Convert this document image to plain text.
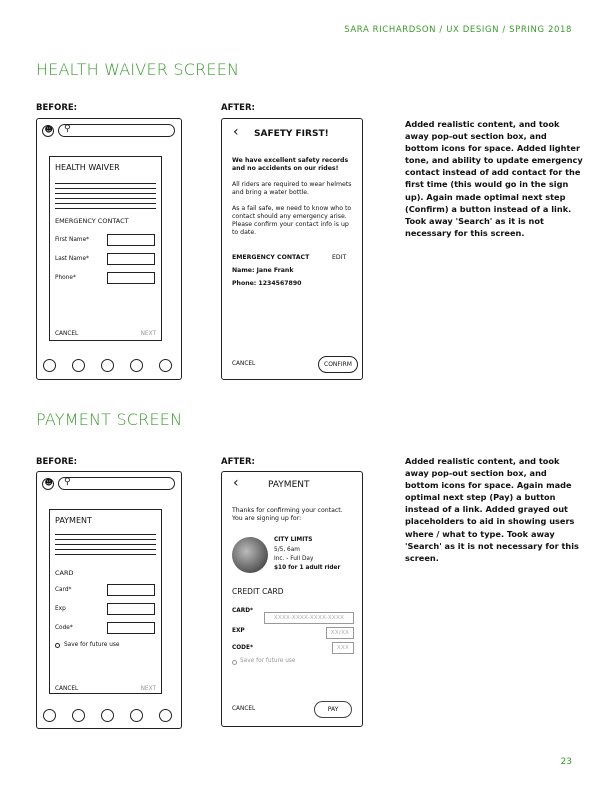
SARA RICHARDSON / UX DESIGN / SPRING 2018
HEALTH WAIVER SCREEN
BEFORE:	AFTER:
Added realistic content, and took away pop-out section box, and bottom icons for space. Added lighter tone, and ability to update emergency contact instead of add contact for the first time (this would go in the sign up). Again made optimal next step (Confirm) a button instead of a link. Took away 'Search' as it is not necessary for this screen.
☻ ⚲
HEALTH WAIVER
EMERGENCY CONTACT
First Name*
Last Name*
Phone*
CANCEL	NEXT
‹ SAFETY FIRST!
We have excellent safety records and no accidents on our rides!
All riders are required to wear helmets and bring a water bottle.
As a fail safe, we need to know who to contact should any emergency arise. Please confirm your contact info is up to date.
EMERGENCY CONTACT	EDIT
Name: Jane Frank
Phone: 1234567890
CANCEL	CONFIRM
PAYMENT SCREEN
BEFORE:	AFTER:	Added realistic content, and took away pop-out section box, and bottom icons for space. Again made optimal next step (Pay) a button instead of a link. Added grayed out placeholders to aid in showing users where / what to type. Took away 'Search' as it is not necessary for this screen.
☻ ⚲
PAYMENT
CARD
Card*
Exp
Code*
Save for future use
CANCEL	NEXT
‹	PAYMENT
Thanks for confirming your contact. You are signing up for:
CITY LIMITS
5/5, 6am
Inc. - Full Day
$10 for 1 adult rider
CREDIT CARD
CARD*
XXXX-XXXX-XXXX-XXXX
EXP	XX/XX
CODE*	XXX
Save for future use
CANCEL	PAY
23
